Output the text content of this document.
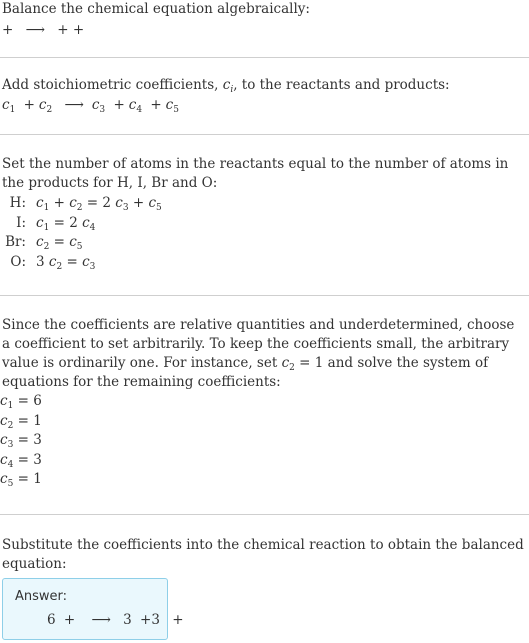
Balance the chemical equation algebraically:
+ ⟶ + +
Add stoichiometric coefficients, $c_i$, to the reactants and products:
$c_1 + c_2$ ⟶ $c_3 + c_4 + c_5$
Set the number of atoms in the reactants equal to the number of atoms in the products for H, I, Br and O:
H:	$c_1 + c_2 = 2$ $c_3 + c_5$
I:	$c_1 = 2$ $c_4$
Br:	$c_2 = c_5$
O:	3 $c_2 = c_3$
Since the coefficients are relative quantities and underdetermined, choose a coefficient to set arbitrarily. To keep the coefficients small, the arbitrary value is ordinarily one. For instance, set $c_2 = 1$ and solve the system of equations for the remaining coefficients:
$c_1 = 6$
$c_2 = 1$
$c_3 = 3$
$c_4 = 3$
$c_5 = 1$
Substitute the coefficients into the chemical reaction to obtain the balanced equation:
Answer:
6 + ⟶ 3 +3 +
